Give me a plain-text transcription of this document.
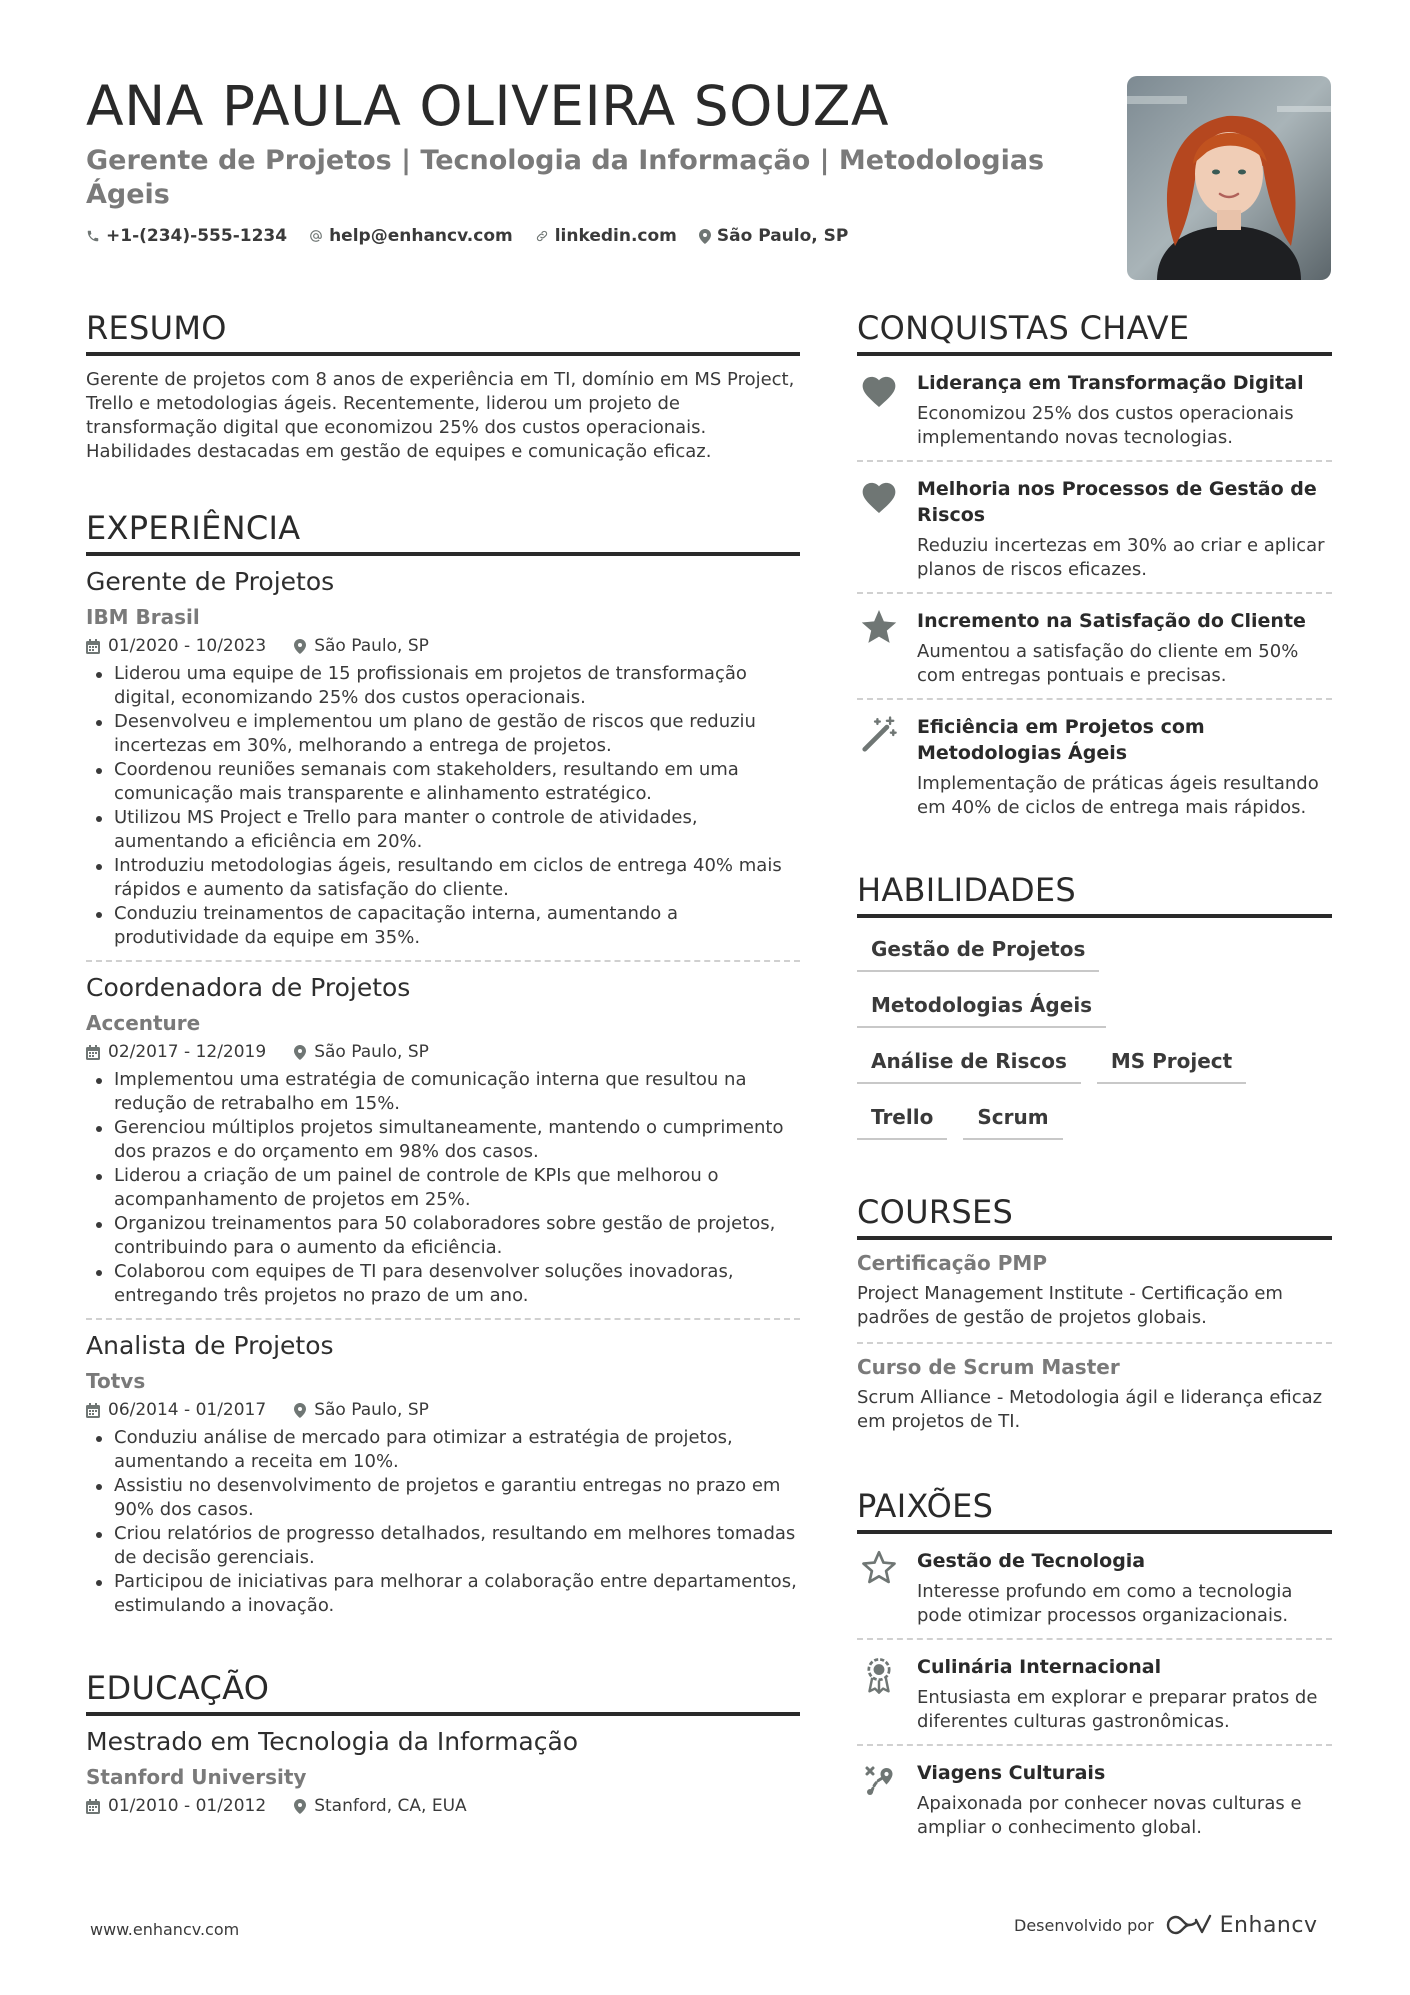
ANA PAULA OLIVEIRA SOUZA
Gerente de Projetos | Tecnologia da Informação | Metodologias Ágeis
+1-(234)-555-1234 help@enhancv.com linkedin.com São Paulo, SP
RESUMO
Gerente de projetos com 8 anos de experiência em TI, domínio em MS Project, Trello e metodologias ágeis. Recentemente, liderou um projeto de transformação digital que economizou 25% dos custos operacionais. Habilidades destacadas em gestão de equipes e comunicação eficaz.
EXPERIÊNCIA
Gerente de Projetos
IBM Brasil
01/2020 - 10/2023	São Paulo, SP
Liderou uma equipe de 15 profissionais em projetos de transformação digital, economizando 25% dos custos operacionais.
Desenvolveu e implementou um plano de gestão de riscos que reduziu incertezas em 30%, melhorando a entrega de projetos.
Coordenou reuniões semanais com stakeholders, resultando em uma comunicação mais transparente e alinhamento estratégico.
Utilizou MS Project e Trello para manter o controle de atividades, aumentando a eficiência em 20%.
Introduziu metodologias ágeis, resultando em ciclos de entrega 40% mais rápidos e aumento da satisfação do cliente.
Conduziu treinamentos de capacitação interna, aumentando a produtividade da equipe em 35%.
Coordenadora de Projetos
Accenture
02/2017 - 12/2019	São Paulo, SP
Implementou uma estratégia de comunicação interna que resultou na redução de retrabalho em 15%.
Gerenciou múltiplos projetos simultaneamente, mantendo o cumprimento dos prazos e do orçamento em 98% dos casos.
Liderou a criação de um painel de controle de KPIs que melhorou o acompanhamento de projetos em 25%.
Organizou treinamentos para 50 colaboradores sobre gestão de projetos, contribuindo para o aumento da eficiência.
Colaborou com equipes de TI para desenvolver soluções inovadoras, entregando três projetos no prazo de um ano.
Analista de Projetos
Totvs
06/2014 - 01/2017	São Paulo, SP
Conduziu análise de mercado para otimizar a estratégia de projetos, aumentando a receita em 10%.
Assistiu no desenvolvimento de projetos e garantiu entregas no prazo em 90% dos casos.
Criou relatórios de progresso detalhados, resultando em melhores tomadas de decisão gerenciais.
Participou de iniciativas para melhorar a colaboração entre departamentos, estimulando a inovação.
EDUCAÇÃO
Mestrado em Tecnologia da Informação
Stanford University
01/2010 - 01/2012	Stanford, CA, EUA
CONQUISTAS CHAVE
Liderança em Transformação Digital
Economizou 25% dos custos operacionais implementando novas tecnologias.
Melhoria nos Processos de Gestão de Riscos
Reduziu incertezas em 30% ao criar e aplicar planos de riscos eficazes.
Incremento na Satisfação do Cliente
Aumentou a satisfação do cliente em 50% com entregas pontuais e precisas.
Eficiência em Projetos com Metodologias Ágeis
Implementação de práticas ágeis resultando em 40% de ciclos de entrega mais rápidos.
HABILIDADES
Gestão de Projetos
Metodologias Ágeis
Análise de Riscos	MS Project
Trello	Scrum
COURSES
Certificação PMP
Project Management Institute - Certificação em padrões de gestão de projetos globais.
Curso de Scrum Master
Scrum Alliance - Metodologia ágil e liderança eficaz em projetos de TI.
PAIXÕES
Gestão de Tecnologia
Interesse profundo em como a tecnologia pode otimizar processos organizacionais.
Culinária Internacional
Entusiasta em explorar e preparar pratos de diferentes culturas gastronômicas.
Viagens Culturais
Apaixonada por conhecer novas culturas e ampliar o conhecimento global.
www.enhancv.com	Desenvolvido por	Enhancv
